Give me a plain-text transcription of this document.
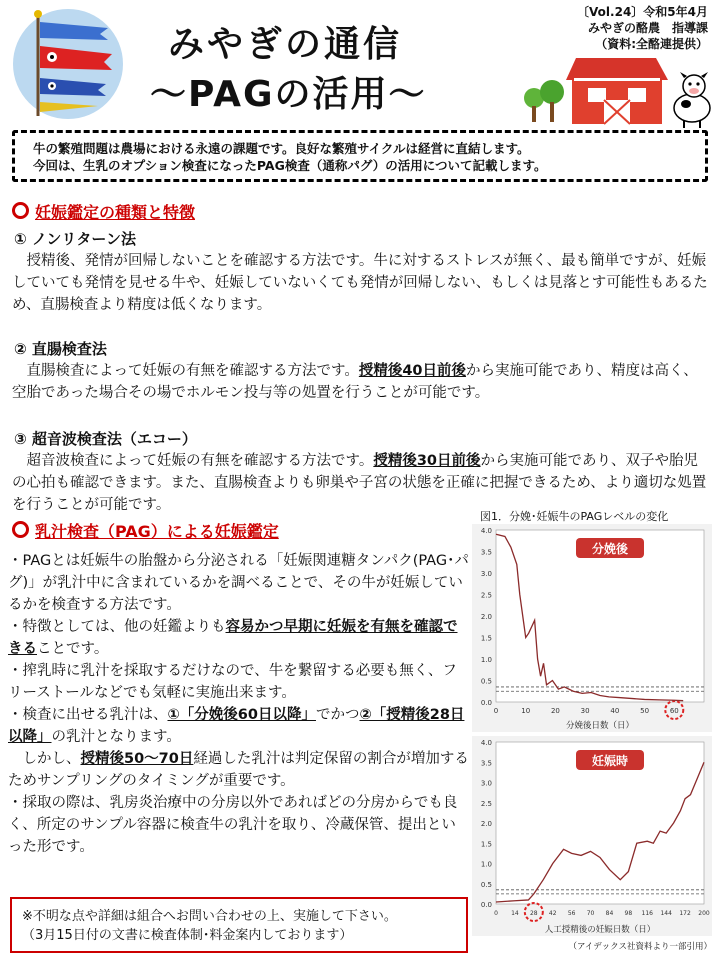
みやぎの通信
～PAGの活用～
〔Vol.24〕令和5年4月
みやぎの酪農　指導課
（資料:全酪連提供）
牛の繁殖問題は農場における永遠の課題です。良好な繁殖サイクルは経営に直結します。
今回は、生乳のオプション検査になったPAG検査（通称パグ）の活用について記載します。
妊娠鑑定の種類と特徴
① ノンリターン法
　授精後、発情が回帰しないことを確認する方法です。牛に対するストレスが無く、最も簡単ですが、妊娠していても発情を見せる牛や、妊娠していないくても発情が回帰しない、もしくは見落とす可能性もあるため、直腸検査より精度は低くなります。
② 直腸検査法
　直腸検査によって妊娠の有無を確認する方法です。授精後40日前後から実施可能であり、精度は高く、空胎であった場合その場でホルモン投与等の処置を行うことが可能です。
③ 超音波検査法（エコー）
　超音波検査によって妊娠の有無を確認する方法です。授精後30日前後から実施可能であり、双子や胎児の心拍も確認できます。また、直腸検査よりも卵巣や子宮の状態を正確に把握できるため、より適切な処置を行うことが可能です。
乳汁検査（PAG）による妊娠鑑定
・PAGとは妊娠牛の胎盤から分泌される「妊娠関連糖タンパク(PAG･パグ)」が乳汁中に含まれているかを調べることで、その牛が妊娠しているかを検査する方法です。
・特徴としては、他の妊鑑よりも容易かつ早期に妊娠を有無を確認できることです。
・搾乳時に乳汁を採取するだけなので、牛を繋留する必要も無く、フリーストールなどでも気軽に実施出来ます。
・検査に出せる乳汁は、①「分娩後60日以降」でかつ②「授精後28日以降」の乳汁となります。
　しかし、授精後50～70日経過した乳汁は判定保留の割合が増加するためサンプリングのタイミングが重要です。
・採取の際は、乳房炎治療中の分房以外であればどの分房からでも良く、所定のサンプル容器に検査牛の乳汁を取り、冷蔵保管、提出といった形です。
※不明な点や詳細は組合へお問い合わせの上、実施して下さい。
（3月15日付の文書に検査体制･料金案内しております）
図1．分娩･妊娠牛のPAGレベルの変化
0.0
0.5
1.0
1.5
2.0
2.5
3.0
3.5
4.0
0	10	20	30	40	50	60
分娩後
分娩後日数（日）
0.0
0.5
1.0
1.5
2.0
2.5
3.0
3.5
4.0
0 14 28 42 56 70 84 98 116 144 172 200
妊娠時
人工授精後の妊娠日数（日）
（アイデックス社資料より一部引用）
